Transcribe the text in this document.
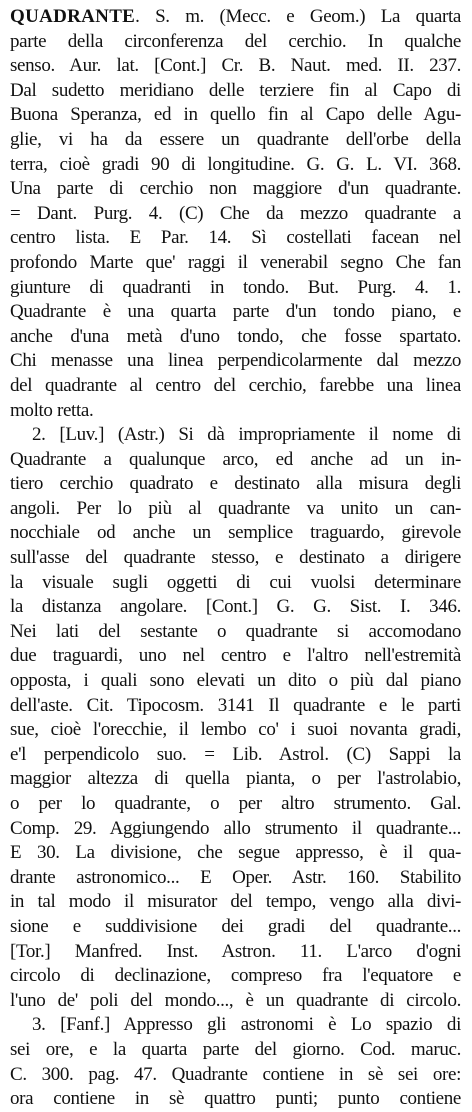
QUADRANTE. S. m. (Mecc. e Geom.) La quarta
parte della circonferenza del cerchio. In qualche
senso. Aur. lat. [Cont.] Cr. B. Naut. med. II. 237.
Dal sudetto meridiano delle terziere fin al Capo di
Buona Speranza, ed in quello fin al Capo delle Agu-
glie, vi ha da essere un quadrante dell'orbe della
terra, cioè gradi 90 di longitudine. G. G. L. VI. 368.
Una parte di cerchio non maggiore d'un quadrante.
= Dant. Purg. 4. (C) Che da mezzo quadrante a
centro lista. E Par. 14. Sì costellati facean nel
profondo Marte que' raggi il venerabil segno Che fan
giunture di quadranti in tondo. But. Purg. 4. 1.
Quadrante è una quarta parte d'un tondo piano, e
anche d'una metà d'uno tondo, che fosse spartato.
Chi menasse una linea perpendicolarmente dal mezzo
del quadrante al centro del cerchio, farebbe una linea
molto retta.
2. [Luv.] (Astr.) Si dà impropriamente il nome di
Quadrante a qualunque arco, ed anche ad un in-
tiero cerchio quadrato e destinato alla misura degli
angoli. Per lo più al quadrante va unito un can-
nocchiale od anche un semplice traguardo, girevole
sull'asse del quadrante stesso, e destinato a dirigere
la visuale sugli oggetti di cui vuolsi determinare
la distanza angolare. [Cont.] G. G. Sist. I. 346.
Nei lati del sestante o quadrante si accomodano
due traguardi, uno nel centro e l'altro nell'estremità
opposta, i quali sono elevati un dito o più dal piano
dell'aste. Cit. Tipocosm. 3141 Il quadrante e le parti
sue, cioè l'orecchie, il lembo co' i suoi novanta gradi,
e'l perpendicolo suo. = Lib. Astrol. (C) Sappi la
maggior altezza di quella pianta, o per l'astrolabio,
o per lo quadrante, o per altro strumento. Gal.
Comp. 29. Aggiungendo allo strumento il quadrante...
E 30. La divisione, che segue appresso, è il qua-
drante astronomico... E Oper. Astr. 160. Stabilito
in tal modo il misurator del tempo, vengo alla divi-
sione e suddivisione dei gradi del quadrante...
[Tor.] Manfred. Inst. Astron. 11. L'arco d'ogni
circolo di declinazione, compreso fra l'equatore e
l'uno de' poli del mondo..., è un quadrante di circolo.
3. [Fanf.] Appresso gli astronomi è Lo spazio di
sei ore, e la quarta parte del giorno. Cod. maruc.
C. 300. pag. 47. Quadrante contiene in sè sei ore:
ora contiene in sè quattro punti; punto contiene
